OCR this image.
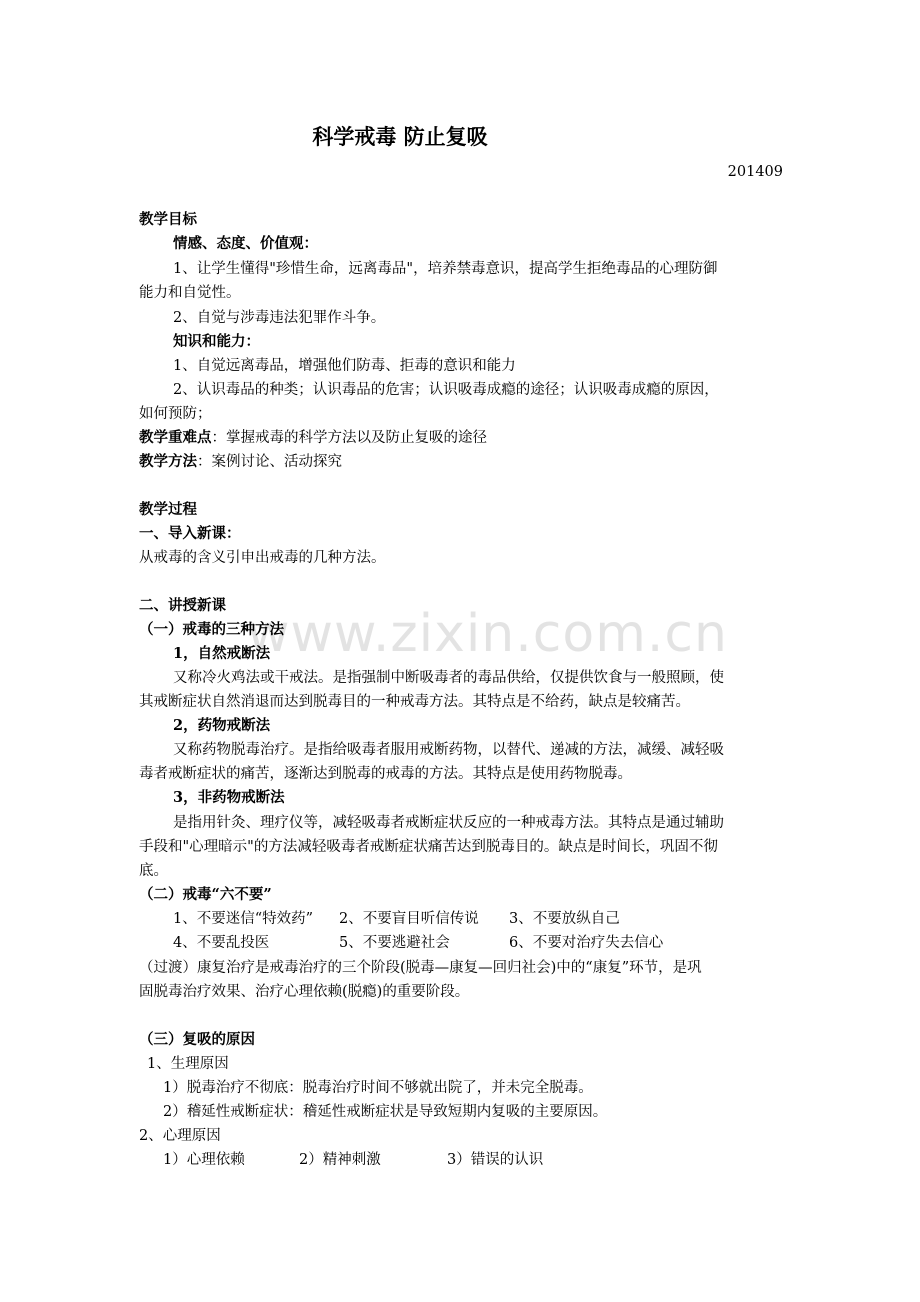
www.zixin.com.cn
科学戒毒 防止复吸
201409
教学目标
情感、态度、价值观：
1、让学生懂得"珍惜生命，远离毒品"，培养禁毒意识，提高学生拒绝毒品的心理防御
能力和自觉性。
2、自觉与涉毒违法犯罪作斗争。
知识和能力：
1、自觉远离毒品，增强他们防毒、拒毒的意识和能力
2、认识毒品的种类；认识毒品的危害；认识吸毒成瘾的途径；认识吸毒成瘾的原因，
如何预防；
教学重难点：掌握戒毒的科学方法以及防止复吸的途径
教学方法：案例讨论、活动探究
教学过程
一、导入新课：
从戒毒的含义引申出戒毒的几种方法。
二、讲授新课
（一）戒毒的三种方法
1，自然戒断法
又称冷火鸡法或干戒法。是指强制中断吸毒者的毒品供给，仅提供饮食与一般照顾，使
其戒断症状自然消退而达到脱毒目的一种戒毒方法。其特点是不给药，缺点是较痛苦。
2，药物戒断法
又称药物脱毒治疗。是指给吸毒者服用戒断药物，以替代、递减的方法，减缓、减轻吸
毒者戒断症状的痛苦，逐渐达到脱毒的戒毒的方法。其特点是使用药物脱毒。
3，非药物戒断法
是指用针灸、理疗仪等，减轻吸毒者戒断症状反应的一种戒毒方法。其特点是通过辅助
手段和"心理暗示"的方法减轻吸毒者戒断症状痛苦达到脱毒目的。缺点是时间长，巩固不彻
底。
（二）戒毒“六不要”
1、不要迷信“特效药” 2、不要盲目听信传说 3、不要放纵自己
4、不要乱投医	5、不要逃避社会	6、不要对治疗失去信心
（过渡）康复治疗是戒毒治疗的三个阶段(脱毒—康复—回归社会)中的“康复”环节，是巩
固脱毒治疗效果、治疗心理依赖(脱瘾)的重要阶段。
（三）复吸的原因
1、生理原因
1）脱毒治疗不彻底：脱毒治疗时间不够就出院了，并未完全脱毒。
2）稽延性戒断症状：稽延性戒断症状是导致短期内复吸的主要原因。
2、心理原因
1）心理依赖	2）精神刺激	3）错误的认识
